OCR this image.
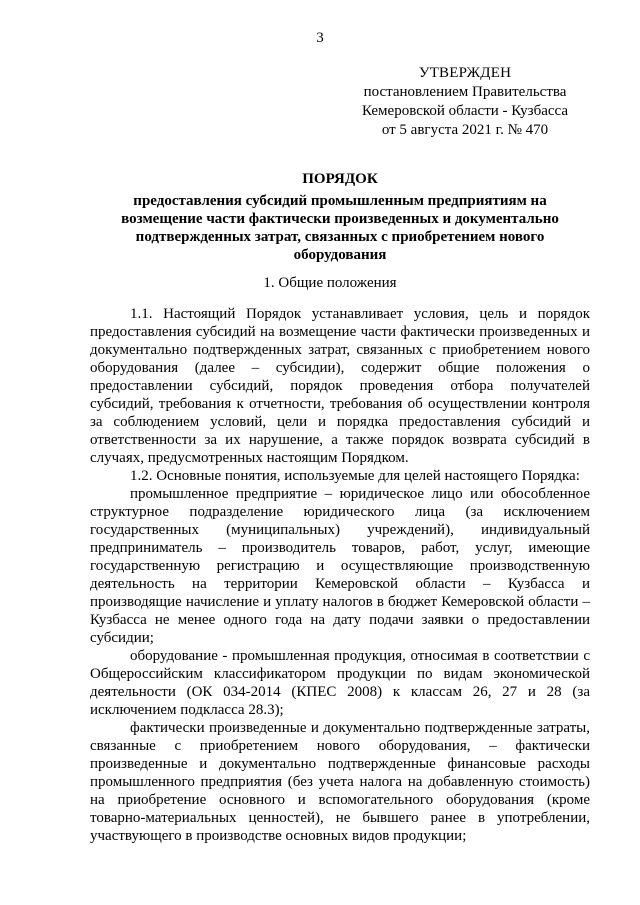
3
УТВЕРЖДЕН
постановлением Правительства
Кемеровской области - Кузбасса
от 5 августа 2021 г. № 470
ПОРЯДОК
предоставления субсидий промышленным предприятиям на возмещение части фактически произведенных и документально подтвержденных затрат, связанных с приобретением нового оборудования
1. Общие положения

1.1. Настоящий Порядок устанавливает условия, цель и порядок предоставления субсидий на возмещение части фактически произведенных и документально подтвержденных затрат, связанных с приобретением нового оборудования (далее – субсидии), содержит общие положения о предоставлении субсидий, порядок проведения отбора получателей субсидий, требования к отчетности, требования об осуществлении контроля за соблюдением условий, цели и порядка предоставления субсидий и ответственности за их нарушение, а также порядок возврата субсидий в случаях, предусмотренных настоящим Порядком.

1.2. Основные понятия, используемые для целей настоящего Порядка:

промышленное предприятие – юридическое лицо или обособленное структурное подразделение юридического лица (за исключением государственных (муниципальных) учреждений), индивидуальный предприниматель – производитель товаров, работ, услуг, имеющие государственную регистрацию и осуществляющие производственную деятельность на территории Кемеровской области – Кузбасса и производящие начисление и уплату налогов в бюджет Кемеровской области – Кузбасса не менее одного года на дату подачи заявки о предоставлении субсидии;

оборудование - промышленная продукция, относимая в соответствии с Общероссийским классификатором продукции по видам экономической деятельности (ОК 034-2014 (КПЕС 2008) к классам 26, 27 и 28 (за исключением подкласса 28.3);

фактически произведенные и документально подтвержденные затраты, связанные с приобретением нового оборудования, – фактически произведенные и документально подтвержденные финансовые расходы промышленного предприятия (без учета налога на добавленную стоимость) на приобретение основного и вспомогательного оборудования (кроме товарно-материальных ценностей), не бывшего ранее в употреблении, участвующего в производстве основных видов продукции;
